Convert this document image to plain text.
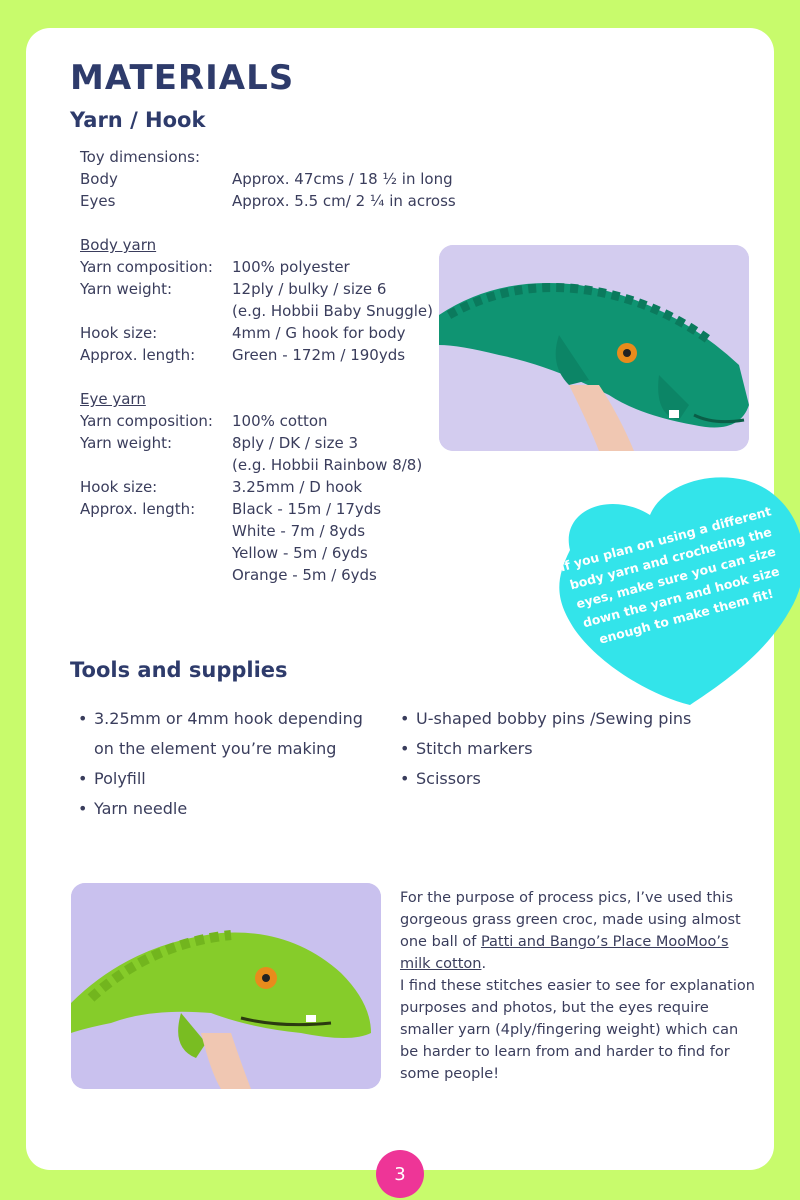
MATERIALS
Yarn / Hook
Toy dimensions:
Body	Approx. 47cms / 18 ½ in long
Eyes	Approx. 5.5 cm/ 2 ¼ in across
Body yarn
Yarn composition: 100% polyester
Yarn weight:	12ply / bulky / size 6
(e.g. Hobbii Baby Snuggle)
Hook size:	4mm / G hook for body
Approx. length: Green - 172m / 190yds
Eye yarn
Yarn composition: 100% cotton
Yarn weight:	8ply / DK / size 3
(e.g. Hobbii Rainbow 8/8)
Hook size:	3.25mm / D hook
Approx. length: Black - 15m / 17yds
White - 7m / 8yds
Yellow - 5m / 6yds
Orange - 5m / 6yds
If you plan on using a different body yarn and crocheting the eyes, make sure you can size down the yarn and hook size enough to make them fit!
Tools and supplies
• 3.25mm or 4mm hook depending on the element you’re making
• Polyfill
• Yarn needle
• U-shaped bobby pins /Sewing pins
• Stitch markers
• Scissors

For the purpose of process pics, I’ve used this gorgeous grass green croc, made using almost one ball of Patti and Bango’s Place MooMoo’s milk cotton.
I find these stitches easier to see for explanation purposes and photos, but the eyes require smaller yarn (4ply/fingering weight) which can be harder to learn from and harder to find for some people!

3
